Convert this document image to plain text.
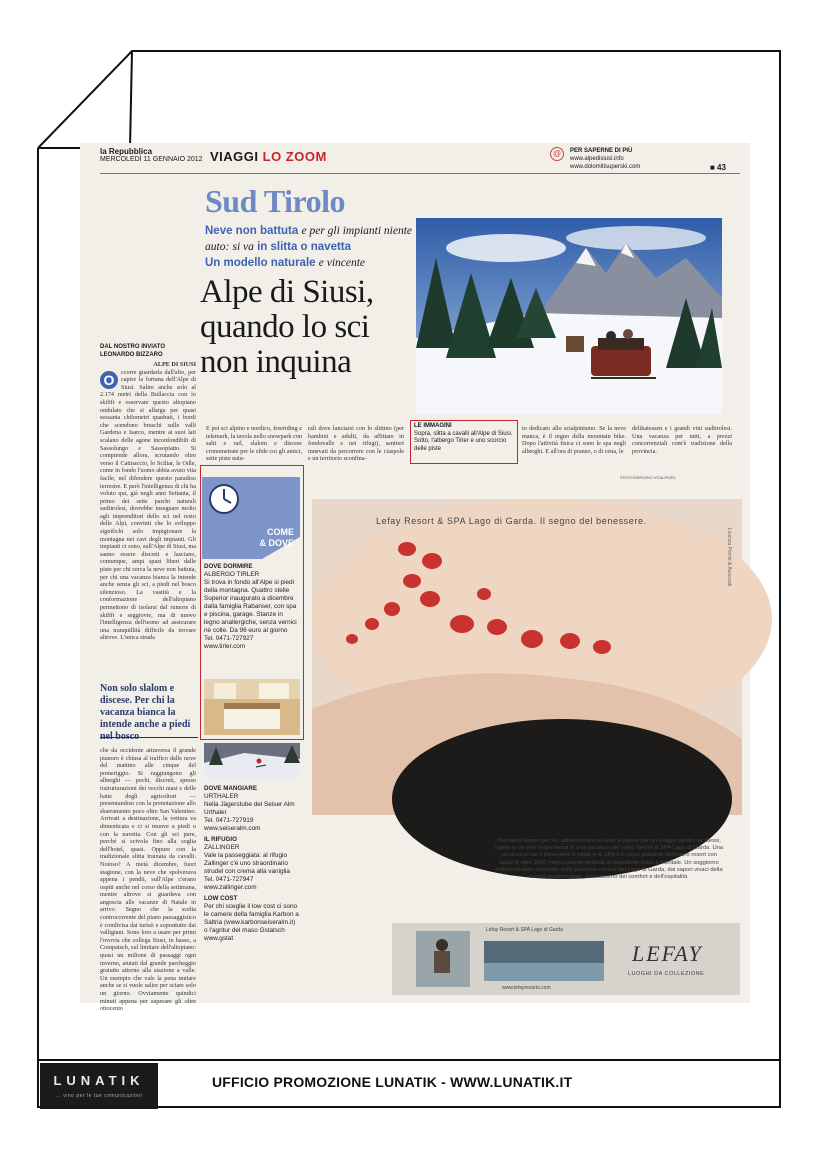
la Repubblica
MERCOLEDÌ 11 GENNAIO 2012 VIAGGI LO ZOOM	@	PER SAPERNE DI PIÙ
www.alpedisiusi.info
www.dolomitisuperski.com	■ 43
Sud Tirolo
Neve non battuta e per gli impianti niente auto: si va in slitta o navetta
Un modello naturale e vincente
Alpe di Siusi, quando lo sci non inquina
DAL NOSTRO INVIATO
LEONARDO BIZZARO
ALPE DI SIUSI
O	ccorre guardarla dall'alto, per capire la fortuna dell'Alpe di Siusi. Salire anche solo al 2.174 metri della Bullaccia con lo skilift e osservare questo altopiano ondulato che si allarga per quasi sessanta chilometri quadrati, i bordi che scendono bruschi sulle valli Gardena e Isarco, mentre ai suoi lati scalano delle agone inconfondibili di Sassolungo e Sassopiatto. Si comprende allora, scrutando oltre verso il Catinaccio, lo Sciliar, le Odle, come in fondo l'uomo abbia avuto vita facile, nel difendere questo paradiso terrestre. E però l'intelligenza di chi ha voluto qui, già negli anni Settanta, il primo dei sette parchi naturali sudtirolesi, dovrebbe insegnare molto agli imprenditori dello sci nel resto delle Alpi, convinti che lo sviluppo significhi solo impigionare la montagna nei cavi degli impianti. Gli impianti ci sono, sull'Alpe di Siusi, ma sanno essere discreti e lasciano, comunque, ampi spazi liberi dalle piste per chi cerca la neve non battuta, per chi una vacanza bianca la intende anche senza gli sci, a piedi nel bosco silenzioso. La vastità e la conformazione dell'altopiano permettono di isolarsi dal rumore di skilift e seggiovie, ma di nuovo l'intelligenza dell'uomo ad assicurare una tranquillità difficile da trovare altrove. L'unica strada
Non solo slalom e discese. Per chi la vacanza bianca la intende anche a piedi
che da occidente attraversa il grande pianoro è chiusa al traffico dalle nove del mattino alle cinque del pomeriggio. Si raggiungono gli alberghi — pochi, discreti, spesso ristrutturazioni dei vecchi masi e delle baite degli agricoltori — presentandosi con la prenotazione allo sbarramento poco oltre San Valentino. Arrivati a destinazione, la vettura va dimenticata e ci si muove a piedi o con la navetta. Con gli sci pure, perché si scivola fino alla soglia dell'hotel, quasi. Oppure con la tradizionale slitta trainata da cavalli. Noioso? A metà dicembre, fuori stagione, con la neve che spolverava appena i pendii, sull'Alpe c'erano ospiti anche nel corso della settimana, mentre altrove si guardava con angoscia alle vacanze di Natale in arrivo. Segno che la scelta controcorrente del piano paesaggistico è condivisa dai turisti e soprattutto dai valligiani. Sono loro a usare per primi l'ovovia che collega Siusi, in basso, a Compatsch, sul limitare dell'altopiano: quasi un milione di passaggi ogni inverno, aiutati dal grande parcheggio gratuito attorno alla stazione a valle. Un esempio che vale la pena imitare anche se si vuole salire per sciare solo un giorno. Ovviamente quindici minuti appena per superare gli oltre ottocento
E poi sci alpino e nordico, freeriding e telemark, la tavola nello snowpark con salti e rail, slalom e discese cronometrate per le sfide coi gli amici, sette piste natu-
rali dove lanciarsi con lo slittino (per bambini e adulti, da affittare in fondovalle e nei rifugi), sentieri innevati da percorrere con le ciaspole e un territorio sconfina-
to dedicato allo scialpinismo. Se la neve manca, è il regno della mountain bike. Dopo l'attività fisica ci sono le spa negli alberghi. E all'ora di pranzo, o di cena, le
delikatessen e i grandi vini sudtirolesi. Una vacanza per tutti, a prezzi concorrenziali com'è tradizione della provincia.
LE IMMAGINI
Sopra, slitta a cavalli all'Alpe di Siusi. Sotto, l'albergo Tirler e uno scorcio delle piste
©FOTOSERVIZIO VITALPIXEL
COME
& DOVE
DOVE DORMIRE
ALBERGO TIRLER
Si trova in fondo all'Alpe si piedi della montagna. Quattro stelle Superior inaugurato a dicembre dalla famiglia Rabanser, con spa e piscina, garage. Stanze in legno anallergiche, senza vernici né colle. Da 96 euro al giorno
Tel. 0471-727927
www.tirler.com
DOVE MANGIARE
URTHALER
Nella Jägerstube del Seiser Alm Urthaler
Tel. 0471-727919
www.seiseralm.com
IL RIFUGIO
ZALLINGER
Vale la passeggiata: al rifugio Zallinger c'è uno straordinario strudel con crema alla vaniglia
Tel. 0471-727947
www.zallinger.com
LOW COST
Per chi sceglie il low cost ci sono le camere della famiglia Karbon a Saltria (www.karbonseiseralm.it) o l'agritur del maso Gstatsch
www.gstat
Lefay Resort & SPA Lago di Garda. Il segno del benessere.
Licenza Pierini & Associati
Prendersi tempo per sé, abbandonarsi al relax e partire per un viaggio dentro se stessi, capita a chi vive l'esperienza di una vacanza nel Lefay Resort & SPA Lago di Garda. Una vacanza in cui il benessere è totale e la SPA è il cuore pulsante dell'intero resort con spazi di oltre 3000 metri quadrati dedicati al riequilibrio fisico e mentale. Un soggiorno indimenticabile arricchito dalla preziosa cornice del Lago di Garda, dai sapori vivaci della cucina mediterranea, dal massimo del comfort e dell'ospitalità.
Lefay Resort & SPA Lago di Garda
www.lefayresorts.com
LEFAY
LUOGHI DA COLLEZIONE
LUNATIK
... vino per le tue comunicazioni
UFFICIO PROMOZIONE LUNATIK - WWW.LUNATIK.IT
